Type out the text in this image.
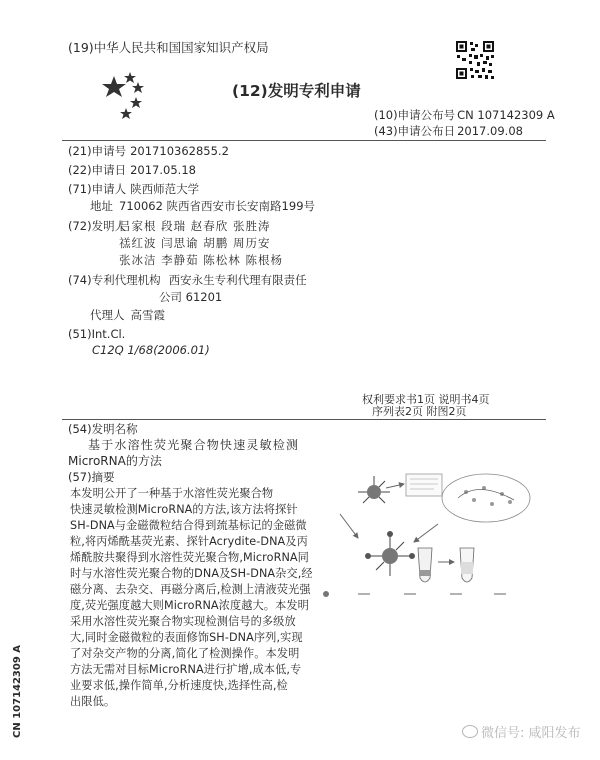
(19)中华人民共和国国家知识产权局
(12)发明专利申请
(10)申请公布号 CN 107142309 A
(43)申请公布日 2017.09.08
(21)申请号 201710362855.2
(22)申请日 2017.05.18
(71)申请人 陕西师范大学
地址 710062 陕西省西安市长安南路199号
(72)发明人
吕家根 段瑞 赵春欣 张胜涛
禚红波 闫思谕 胡鹏 周历安
张冰洁 李静茹 陈松林 陈根杨
(74)专利代理机构 西安永生专利代理有限责任
公司 61201
代理人 高雪霞
(51)Int.Cl.
C12Q 1/68(2006.01)
权利要求书1页 说明书4页
序列表2页 附图2页
(54)发明名称
基于水溶性荧光聚合物快速灵敏检测
MicroRNA的方法
(57)摘要
本发明公开了一种基于水溶性荧光聚合物
快速灵敏检测MicroRNA的方法,该方法将探针
SH-DNA与金磁微粒结合得到巯基标记的金磁微
粒,将丙烯酰基荧光素、探针Acrydite-DNA及丙
烯酰胺共聚得到水溶性荧光聚合物,MicroRNA同
时与水溶性荧光聚合物的DNA及SH-DNA杂交,经
磁分离、去杂交、再磁分离后,检测上清液荧光强
度,荧光强度越大则MicroRNA浓度越大。本发明
采用水溶性荧光聚合物实现检测信号的多级放
大,同时金磁微粒的表面修饰SH-DNA序列,实现
了对杂交产物的分离,简化了检测操作。本发明
方法无需对目标MicroRNA进行扩增,成本低,专
业要求低,操作简单,分析速度快,选择性高,检
出限低。
CN 107142309 A	微信号: 咸阳发布
